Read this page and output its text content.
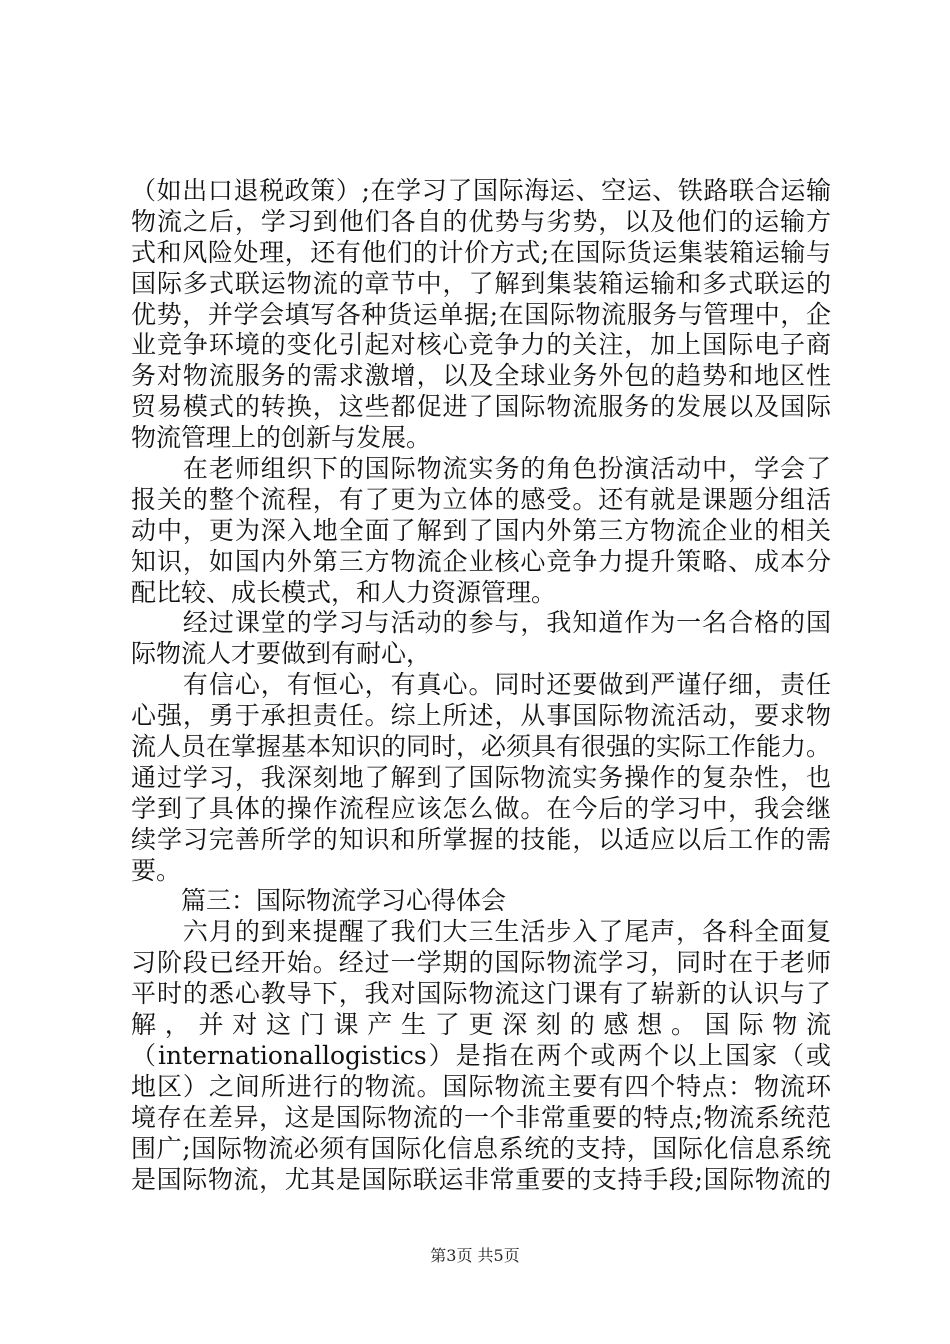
（如出口退税政策）;在学习了国际海运、空运、铁路联合运输
物流之后，学习到他们各自的优势与劣势，以及他们的运输方
式和风险处理，还有他们的计价方式;在国际货运集装箱运输与
国际多式联运物流的章节中，了解到集装箱运输和多式联运的
优势，并学会填写各种货运单据;在国际物流服务与管理中，企
业竞争环境的变化引起对核心竞争力的关注，加上国际电子商
务对物流服务的需求激增，以及全球业务外包的趋势和地区性
贸易模式的转换，这些都促进了国际物流服务的发展以及国际
物流管理上的创新与发展。
　　在老师组织下的国际物流实务的角色扮演活动中，学会了
报关的整个流程，有了更为立体的感受。还有就是课题分组活
动中，更为深入地全面了解到了国内外第三方物流企业的相关
知识，如国内外第三方物流企业核心竞争力提升策略、成本分
配比较、成长模式，和人力资源管理。
　　经过课堂的学习与活动的参与，我知道作为一名合格的国
际物流人才要做到有耐心，
　　有信心，有恒心，有真心。同时还要做到严谨仔细，责任
心强，勇于承担责任。综上所述，从事国际物流活动，要求物
流人员在掌握基本知识的同时，必须具有很强的实际工作能力。
通过学习，我深刻地了解到了国际物流实务操作的复杂性，也
学到了具体的操作流程应该怎么做。在今后的学习中，我会继
续学习完善所学的知识和所掌握的技能，以适应以后工作的需
要。
　　篇三：国际物流学习心得体会
　　六月的到来提醒了我们大三生活步入了尾声，各科全面复
习阶段已经开始。经过一学期的国际物流学习，同时在于老师
平时的悉心教导下，我对国际物流这门课有了崭新的认识与了
解，并对这门课产生了更深刻的感想。国际物流
（internationallogistics）是指在两个或两个以上国家（或
地区）之间所进行的物流。国际物流主要有四个特点：物流环
境存在差异，这是国际物流的一个非常重要的特点;物流系统范
围广;国际物流必须有国际化信息系统的支持，国际化信息系统
是国际物流，尤其是国际联运非常重要的支持手段;国际物流的
第3页 共5页
